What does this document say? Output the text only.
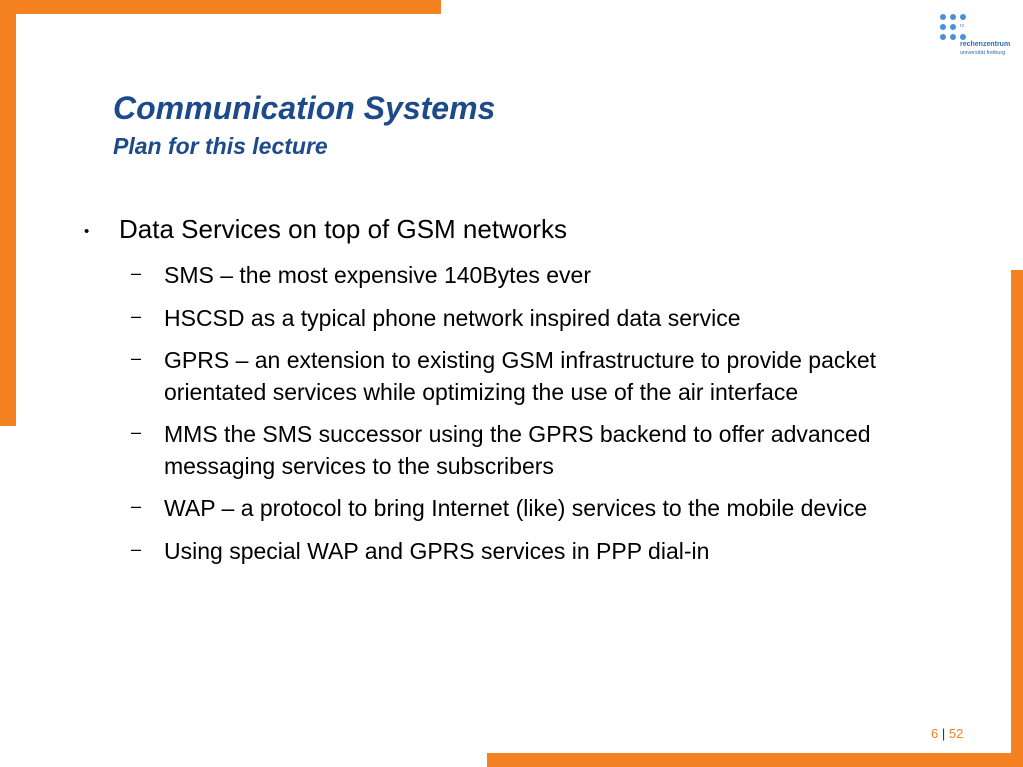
rz
rechenzentrum
universität freiburg
Communication Systems
Plan for this lecture
• Data Services on top of GSM networks
– SMS – the most expensive 140Bytes ever
– HSCSD as a typical phone network inspired data service
– GPRS – an extension to existing GSM infrastructure to provide packet orientated services while optimizing the use of the air interface
– MMS the SMS successor using the GPRS backend to offer advanced messaging services to the subscribers
– WAP – a protocol to bring Internet (like) services to the mobile device
– Using special WAP and GPRS services in PPP dial-in
6 | 52
